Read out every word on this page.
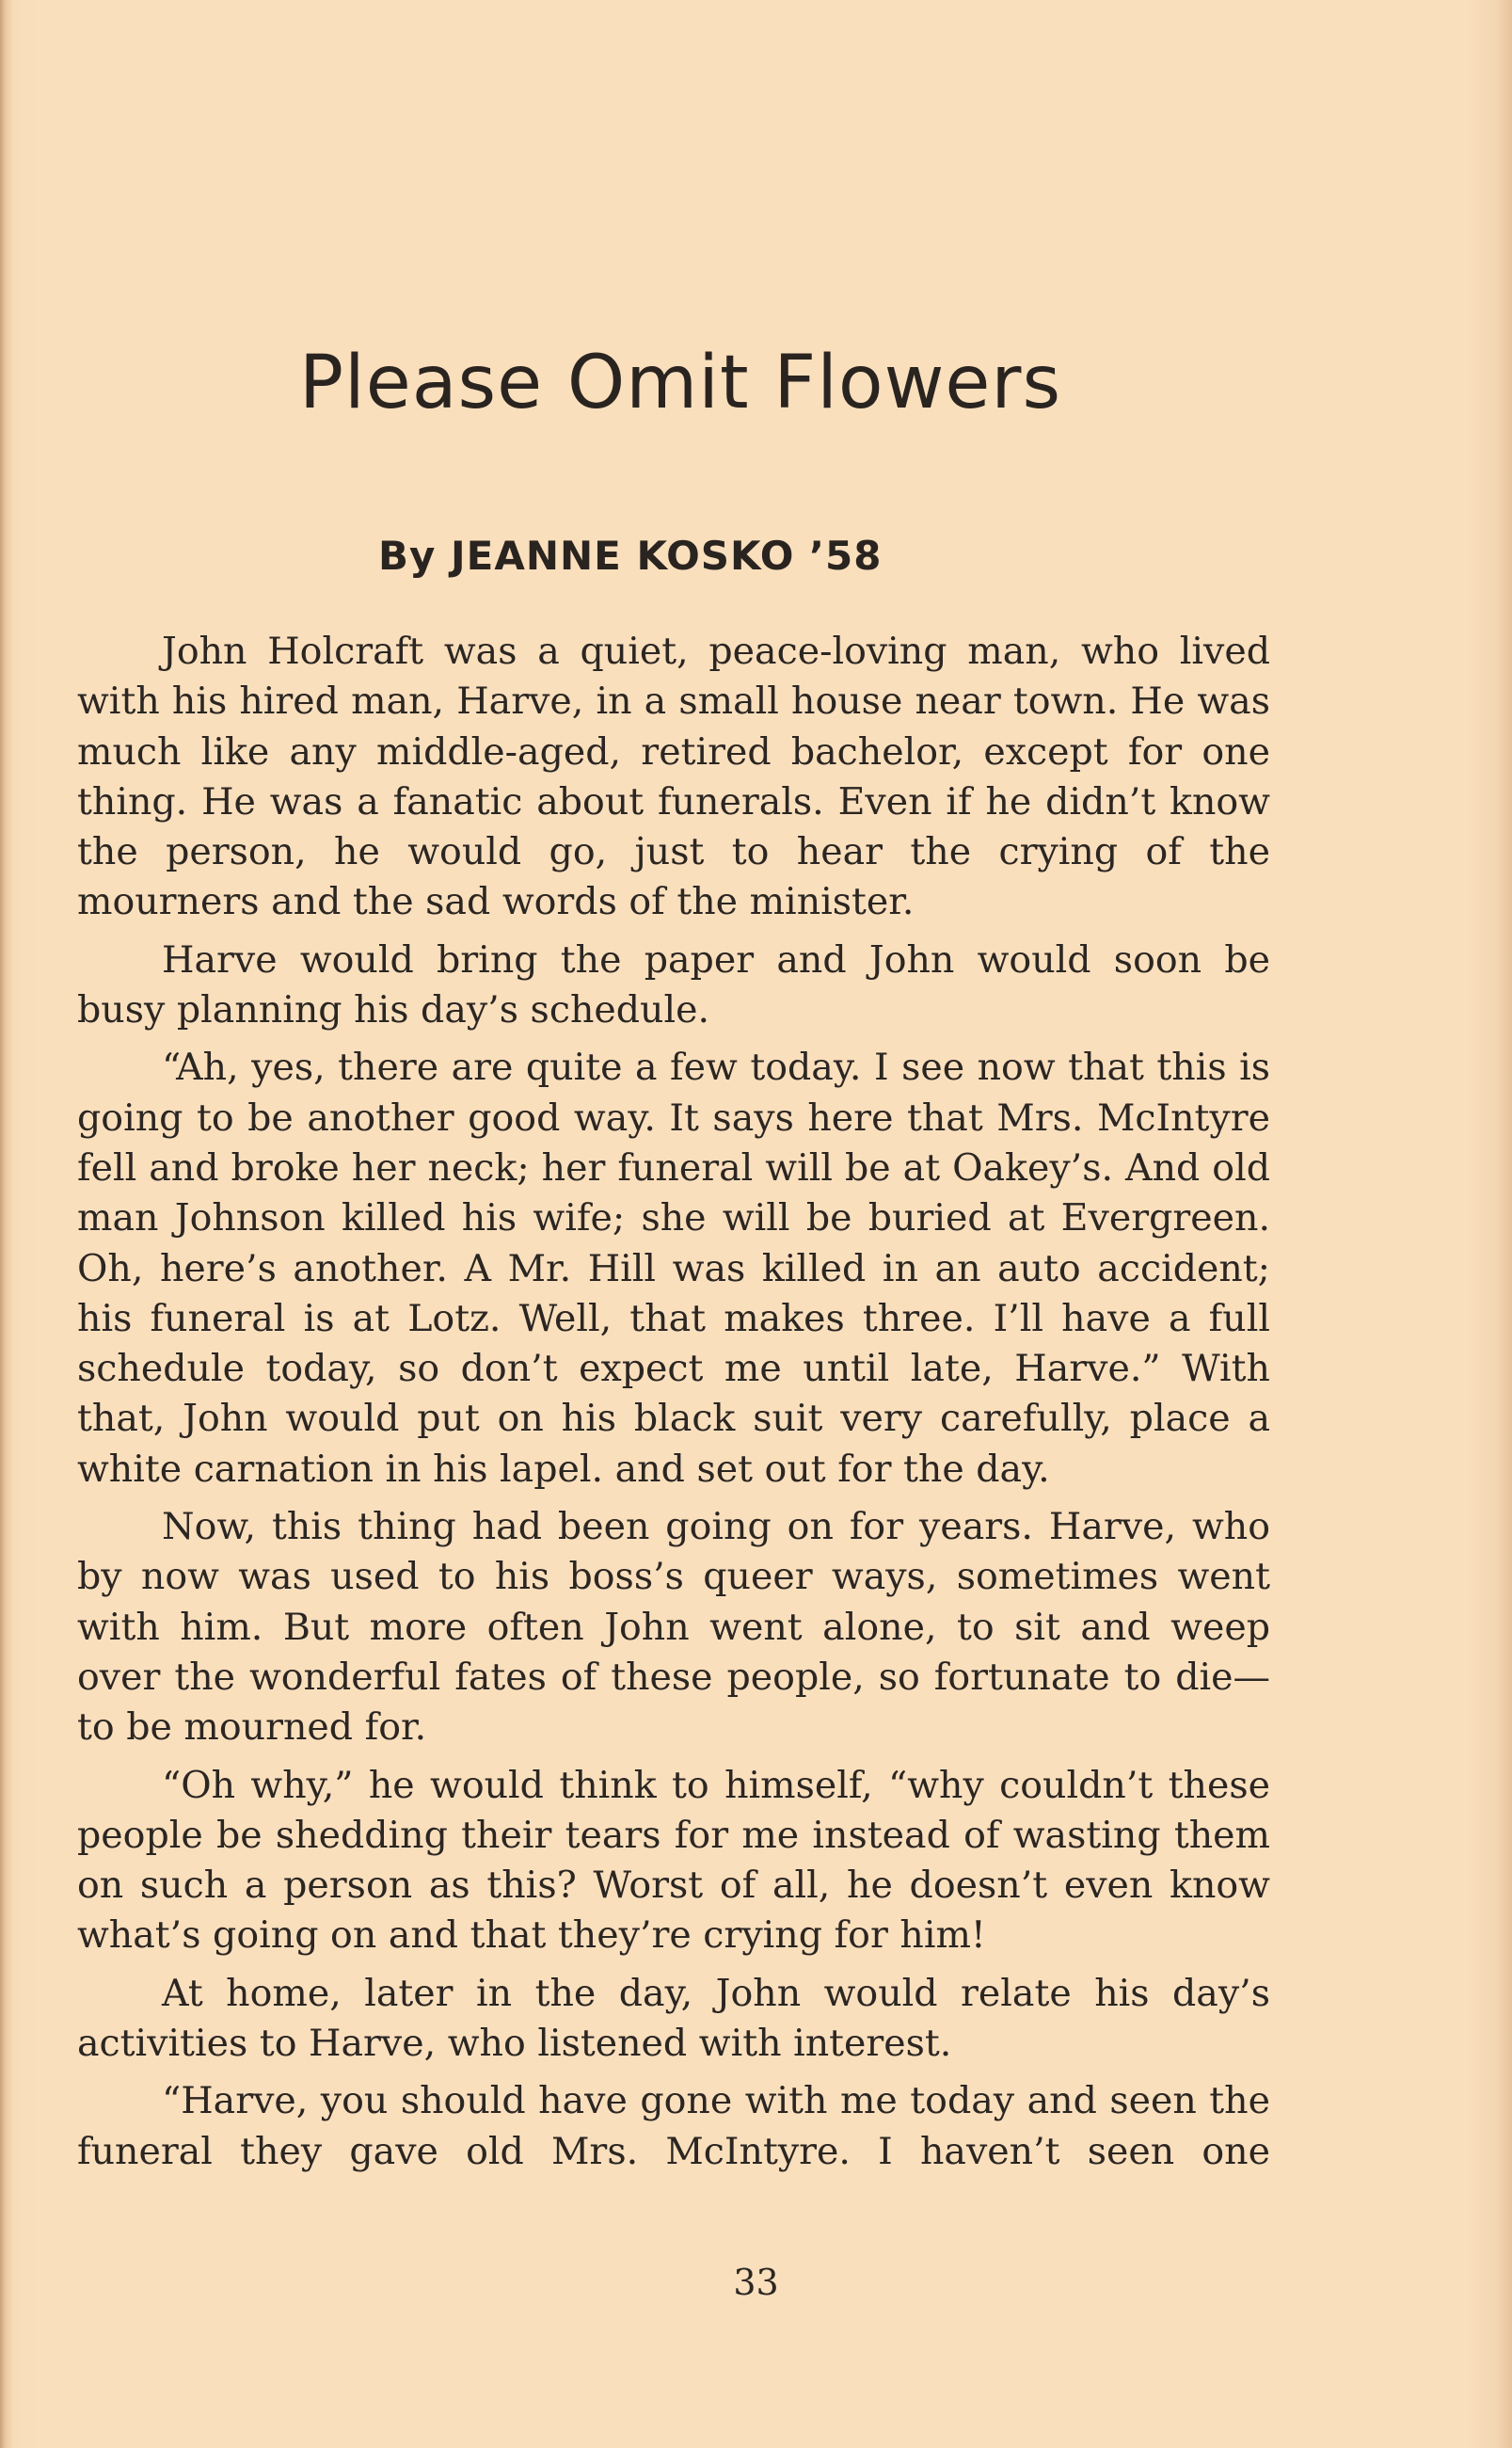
Please Omit Flowers
By JEANNE KOSKO ’58

John Holcraft was a quiet, peace-loving man, who lived with his hired man, Harve, in a small house near town. He was much like any middle-aged, retired bachelor, except for one thing. He was a fanatic about funerals. Even if he didn’t know the person, he would go, just to hear the crying of the mourners and the sad words of the minister.

Harve would bring the paper and John would soon be busy planning his day’s schedule.

“Ah, yes, there are quite a few today. I see now that this is going to be another good way. It says here that Mrs. McIntyre fell and broke her neck; her funeral will be at Oakey’s. And old man Johnson killed his wife; she will be buried at Evergreen. Oh, here’s another. A Mr. Hill was killed in an auto accident; his funeral is at Lotz. Well, that makes three. I’ll have a full schedule today, so don’t expect me until late, Harve.” With that, John would put on his black suit very carefully, place a white carnation in his lapel. and set out for the day.

Now, this thing had been going on for years. Harve, who by now was used to his boss’s queer ways, sometimes went with him. But more often John went alone, to sit and weep over the wonderful fates of these people, so fortunate to die—to be mourned for.

“Oh why,” he would think to himself, “why couldn’t these people be shedding their tears for me instead of wasting them on such a person as this? Worst of all, he doesn’t even know what’s going on and that they’re crying for him!

At home, later in the day, John would relate his day’s activities to Harve, who listened with interest.

“Harve, you should have gone with me today and seen the funeral they gave old Mrs. McIntyre. I haven’t seen one

33
